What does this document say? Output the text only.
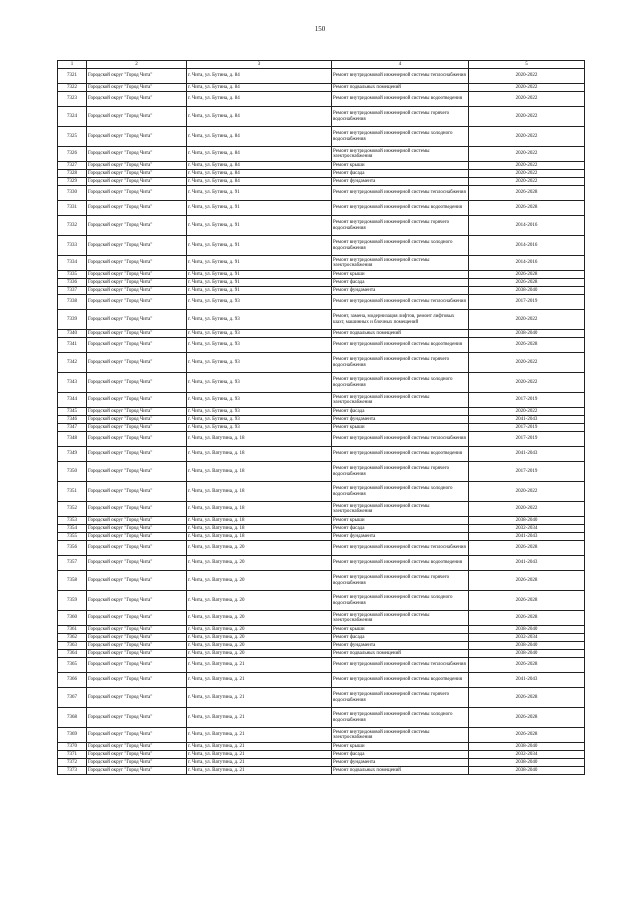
150
1	2	3	4	5
7321	Городской округ "Город Чита"	г. Чита, ул. Бутина, д. 84	Ремонт внутридомовой инженерной системы теплоснабжения	2020-2022
7322	Городской округ "Город Чита"	г. Чита, ул. Бутина, д. 84	Ремонт подвальных помещений	2020-2022
7323	Городской округ "Город Чита"	г. Чита, ул. Бутина, д. 84	Ремонт внутридомовой инженерной системы водоотведения	2020-2022
7324	Городской округ "Город Чита"	г. Чита, ул. Бутина, д. 84	Ремонт внутридомовой инженерной системы горячего водоснабжения	2020-2022
7325	Городской округ "Город Чита"	г. Чита, ул. Бутина, д. 84	Ремонт внутридомовой инженерной системы холодного водоснабжения	2020-2022
7326	Городской округ "Город Чита"	г. Чита, ул. Бутина, д. 84	Ремонт внутридомовой инженерной системы электроснабжения	2020-2022
7327	Городской округ "Город Чита"	г. Чита, ул. Бутина, д. 84	Ремонт крыши	2020-2022
7328	Городской округ "Город Чита"	г. Чита, ул. Бутина, д. 84	Ремонт фасада	2020-2022
7329	Городской округ "Город Чита"	г. Чита, ул. Бутина, д. 84	Ремонт фундамента	2020-2022
7330	Городской округ "Город Чита"	г. Чита, ул. Бутина, д. 91	Ремонт внутридомовой инженерной системы теплоснабжения	2026-2028
7331	Городской округ "Город Чита"	г. Чита, ул. Бутина, д. 91	Ремонт внутридомовой инженерной системы водоотведения	2026-2028
7332	Городской округ "Город Чита"	г. Чита, ул. Бутина, д. 91	Ремонт внутридомовой инженерной системы горячего водоснабжения	2014-2016
7333	Городской округ "Город Чита"	г. Чита, ул. Бутина, д. 91	Ремонт внутридомовой инженерной системы холодного водоснабжения	2014-2016
7334	Городской округ "Город Чита"	г. Чита, ул. Бутина, д. 91	Ремонт внутридомовой инженерной системы электроснабжения	2014-2016
7335	Городской округ "Город Чита"	г. Чита, ул. Бутина, д. 91	Ремонт крыши	2026-2028
7336	Городской округ "Город Чита"	г. Чита, ул. Бутина, д. 91	Ремонт фасада	2026-2028
7337	Городской округ "Город Чита"	г. Чита, ул. Бутина, д. 91	Ремонт фундамента	2038-2040
7338	Городской округ "Город Чита"	г. Чита, ул. Бутина, д. 93	Ремонт внутридомовой инженерной системы теплоснабжения	2017-2019
7339	Городской округ "Город Чита"	г. Чита, ул. Бутина, д. 93	Ремонт, замена, модернизация лифтов, ремонт лифтовых шахт, машинных и блочных помещений	2020-2022
7340	Городской округ "Город Чита"	г. Чита, ул. Бутина, д. 93	Ремонт подвальных помещений	2038-2040
7341	Городской округ "Город Чита"	г. Чита, ул. Бутина, д. 93	Ремонт внутридомовой инженерной системы водоотведения	2026-2028
7342	Городской округ "Город Чита"	г. Чита, ул. Бутина, д. 93	Ремонт внутридомовой инженерной системы горячего водоснабжения	2020-2022
7343	Городской округ "Город Чита"	г. Чита, ул. Бутина, д. 93	Ремонт внутридомовой инженерной системы холодного водоснабжения	2020-2022
7344	Городской округ "Город Чита"	г. Чита, ул. Бутина, д. 93	Ремонт внутридомовой инженерной системы электроснабжения	2017-2019
7345	Городской округ "Город Чита"	г. Чита, ул. Бутина, д. 93	Ремонт фасада	2020-2022
7346	Городской округ "Город Чита"	г. Чита, ул. Бутина, д. 93	Ремонт фундамента	2041-2043
7347	Городской округ "Город Чита"	г. Чита, ул. Бутина, д. 93	Ремонт крыши	2017-2019
7348	Городской округ "Город Чита"	г. Чита, ул. Ватутина, д. 18	Ремонт внутридомовой инженерной системы теплоснабжения	2017-2019
7349	Городской округ "Город Чита"	г. Чита, ул. Ватутина, д. 18	Ремонт внутридомовой инженерной системы водоотведения	2041-2043
7350	Городской округ "Город Чита"	г. Чита, ул. Ватутина, д. 18	Ремонт внутридомовой инженерной системы горячего водоснабжения	2017-2019
7351	Городской округ "Город Чита"	г. Чита, ул. Ватутина, д. 18	Ремонт внутридомовой инженерной системы холодного водоснабжения	2020-2022
7352	Городской округ "Город Чита"	г. Чита, ул. Ватутина, д. 18	Ремонт внутридомовой инженерной системы электроснабжения	2020-2022
7353	Городской округ "Город Чита"	г. Чита, ул. Ватутина, д. 18	Ремонт крыши	2038-2040
7354	Городской округ "Город Чита"	г. Чита, ул. Ватутина, д. 18	Ремонт фасада	2032-2034
7355	Городской округ "Город Чита"	г. Чита, ул. Ватутина, д. 18	Ремонт фундамента	2041-2043
7356	Городской округ "Город Чита"	г. Чита, ул. Ватутина, д. 20	Ремонт внутридомовой инженерной системы теплоснабжения	2026-2028
7357	Городской округ "Город Чита"	г. Чита, ул. Ватутина, д. 20	Ремонт внутридомовой инженерной системы водоотведения	2041-2043
7358	Городской округ "Город Чита"	г. Чита, ул. Ватутина, д. 20	Ремонт внутридомовой инженерной системы горячего водоснабжения	2026-2028
7359	Городской округ "Город Чита"	г. Чита, ул. Ватутина, д. 20	Ремонт внутридомовой инженерной системы холодного водоснабжения	2026-2028
7360	Городской округ "Город Чита"	г. Чита, ул. Ватутина, д. 20	Ремонт внутридомовой инженерной системы электроснабжения	2026-2028
7361	Городской округ "Город Чита"	г. Чита, ул. Ватутина, д. 20	Ремонт крыши	2038-2040
7362	Городской округ "Город Чита"	г. Чита, ул. Ватутина, д. 20	Ремонт фасада	2032-2034
7363	Городской округ "Город Чита"	г. Чита, ул. Ватутина, д. 20	Ремонт фундамента	2038-2040
7364	Городской округ "Город Чита"	г. Чита, ул. Ватутина, д. 20	Ремонт подвальных помещений	2038-2040
7365	Городской округ "Город Чита"	г. Чита, ул. Ватутина, д. 21	Ремонт внутридомовой инженерной системы теплоснабжения	2026-2028
7366	Городской округ "Город Чита"	г. Чита, ул. Ватутина, д. 21	Ремонт внутридомовой инженерной системы водоотведения	2041-2043
7367	Городской округ "Город Чита"	г. Чита, ул. Ватутина, д. 21	Ремонт внутридомовой инженерной системы горячего водоснабжения	2026-2028
7368	Городской округ "Город Чита"	г. Чита, ул. Ватутина, д. 21	Ремонт внутридомовой инженерной системы холодного водоснабжения	2026-2028
7369	Городской округ "Город Чита"	г. Чита, ул. Ватутина, д. 21	Ремонт внутридомовой инженерной системы электроснабжения	2026-2028
7370	Городской округ "Город Чита"	г. Чита, ул. Ватутина, д. 21	Ремонт крыши	2038-2040
7371	Городской округ "Город Чита"	г. Чита, ул. Ватутина, д. 21	Ремонт фасада	2032-2034
7372	Городской округ "Город Чита"	г. Чита, ул. Ватутина, д. 21	Ремонт фундамента	2038-2040
7373	Городской округ "Город Чита"	г. Чита, ул. Ватутина, д. 21	Ремонт подвальных помещений	2038-2040
